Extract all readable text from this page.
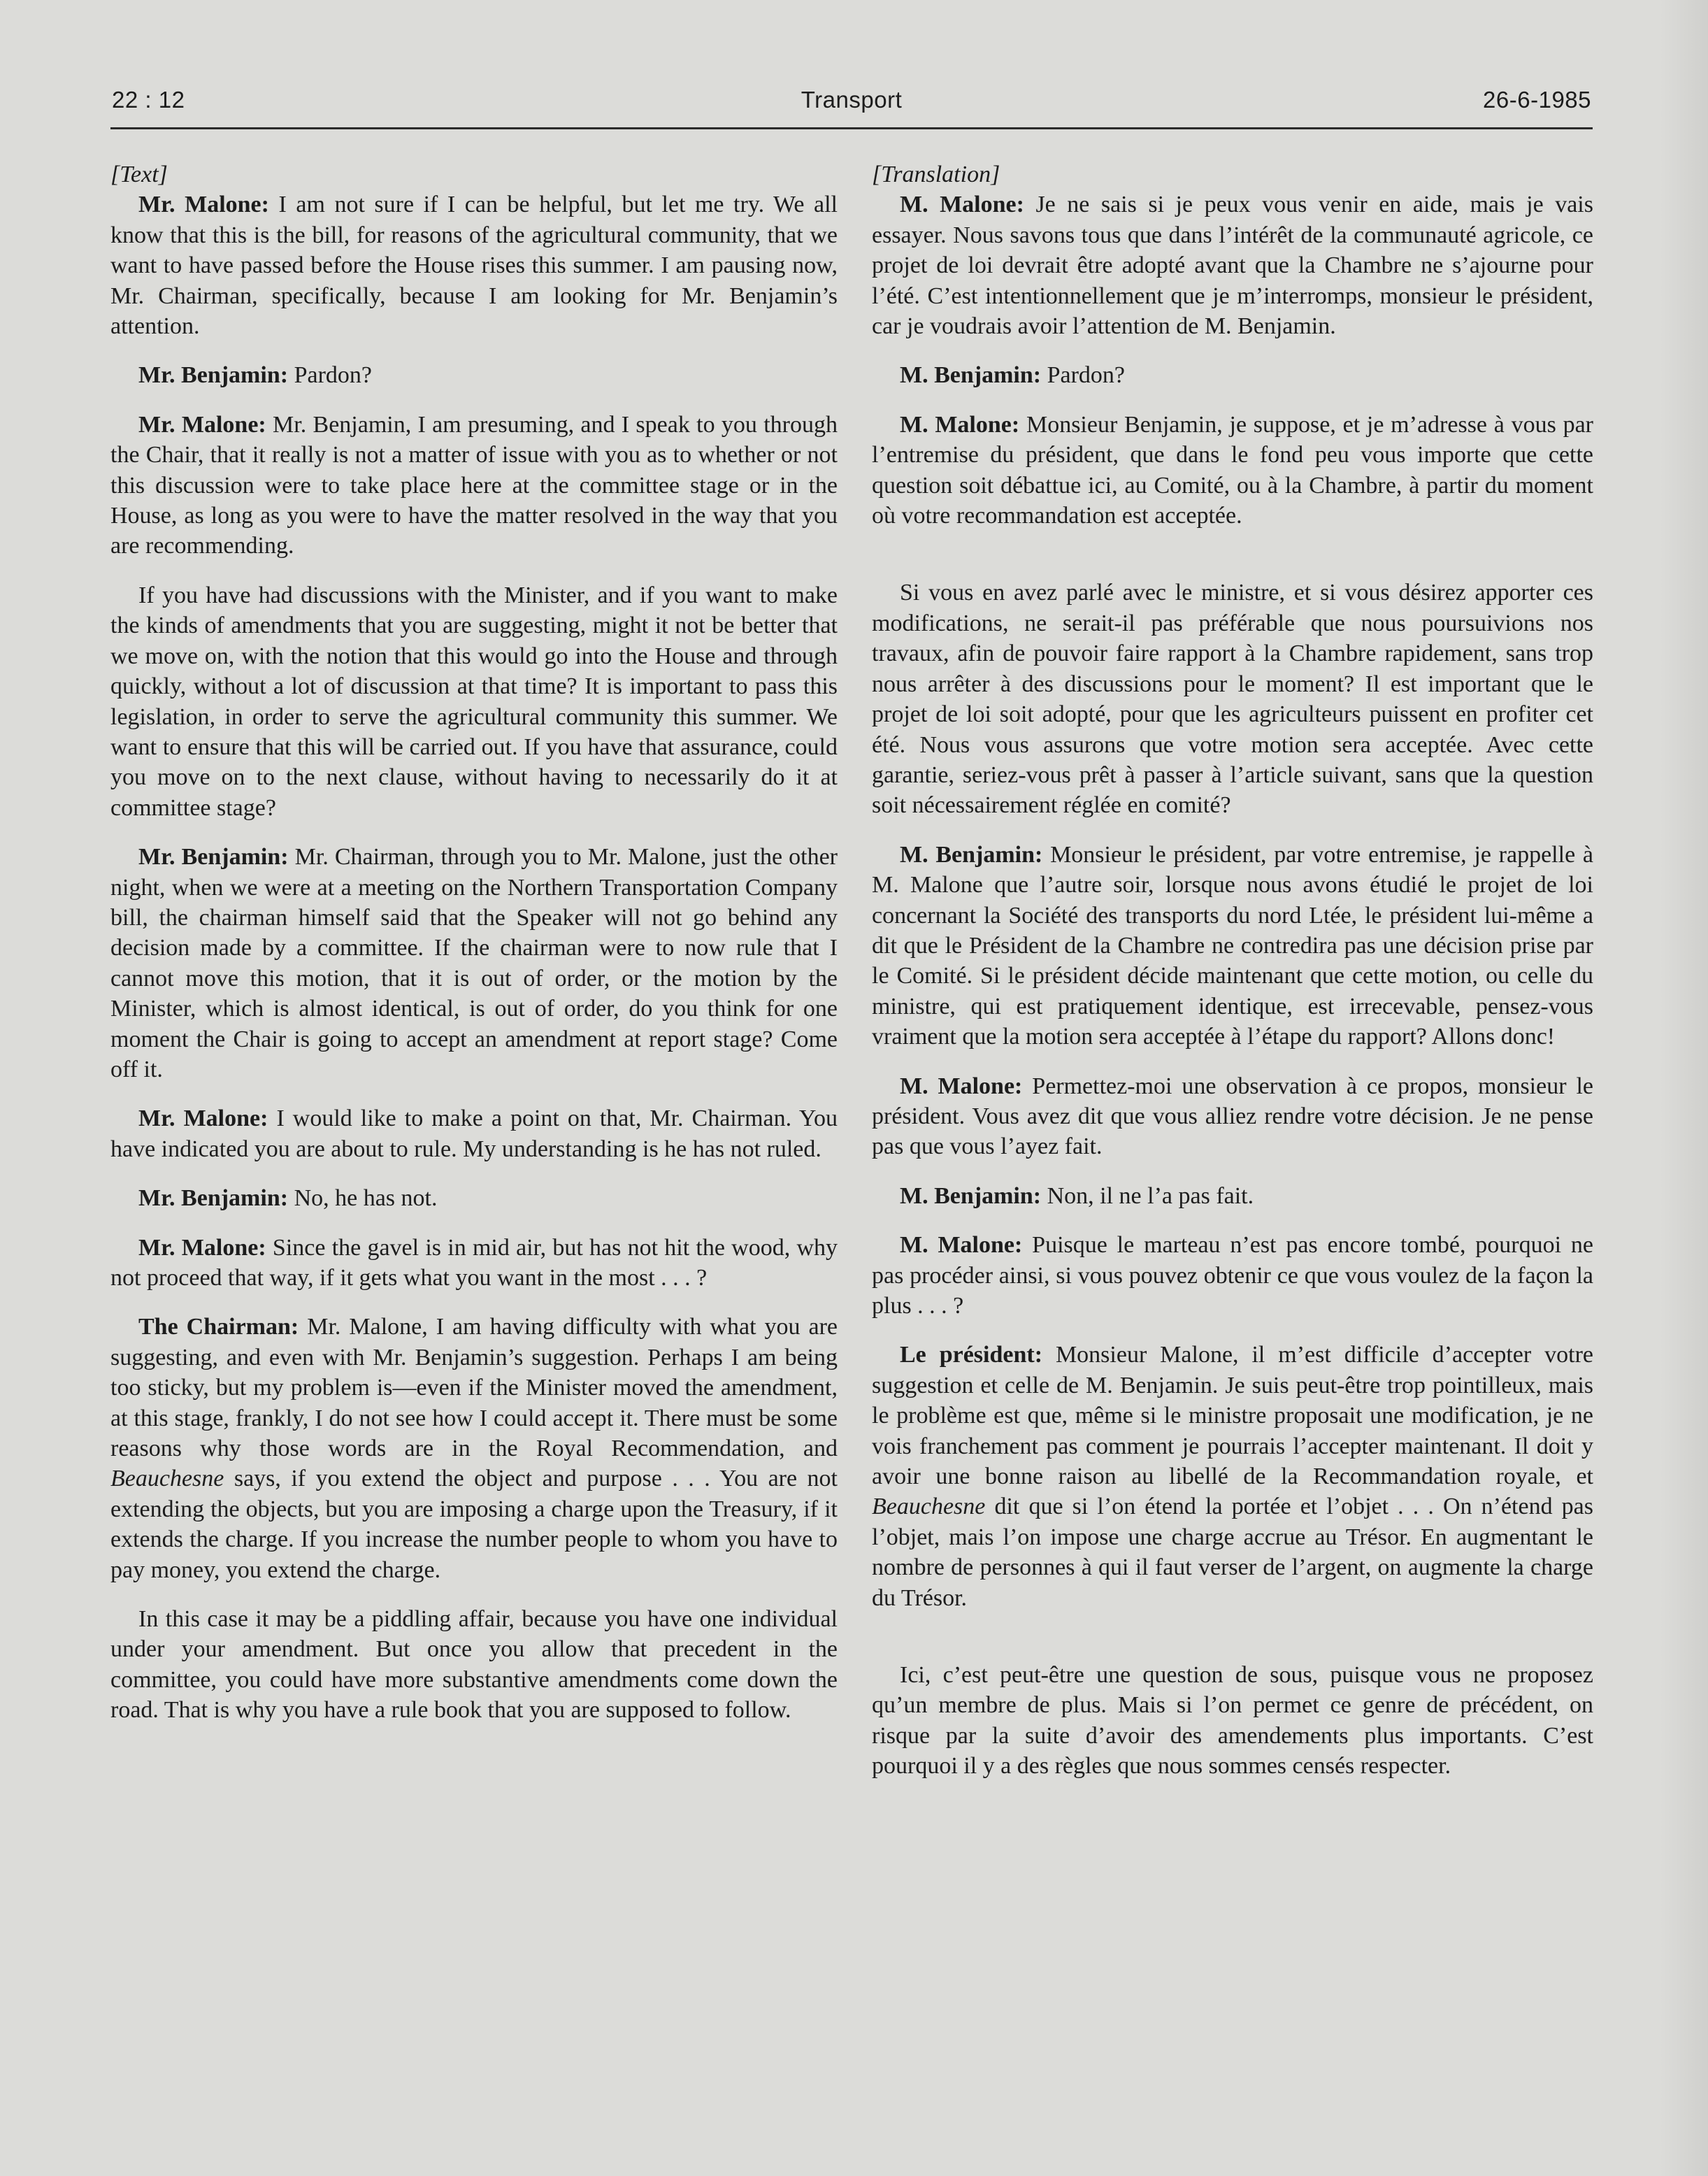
22 : 12	Transport	26-6-1985

[Text]

Mr. Malone: I am not sure if I can be helpful, but let me try. We all know that this is the bill, for reasons of the agricultural community, that we want to have passed before the House rises this summer. I am pausing now, Mr. Chairman, specifically, because I am looking for Mr. Benjamin’s attention.

Mr. Benjamin: Pardon?

Mr. Malone: Mr. Benjamin, I am presuming, and I speak to you through the Chair, that it really is not a matter of issue with you as to whether or not this discussion were to take place here at the committee stage or in the House, as long as you were to have the matter resolved in the way that you are recommending.

If you have had discussions with the Minister, and if you want to make the kinds of amendments that you are suggesting, might it not be better that we move on, with the notion that this would go into the House and through quickly, without a lot of discussion at that time? It is important to pass this legislation, in order to serve the agricultural community this summer. We want to ensure that this will be carried out. If you have that assurance, could you move on to the next clause, without having to necessarily do it at committee stage?

Mr. Benjamin: Mr. Chairman, through you to Mr. Malone, just the other night, when we were at a meeting on the Northern Transportation Company bill, the chairman himself said that the Speaker will not go behind any decision made by a committee. If the chairman were to now rule that I cannot move this motion, that it is out of order, or the motion by the Minister, which is almost identical, is out of order, do you think for one moment the Chair is going to accept an amendment at report stage? Come off it.

Mr. Malone: I would like to make a point on that, Mr. Chairman. You have indicated you are about to rule. My understanding is he has not ruled.

Mr. Benjamin: No, he has not.

Mr. Malone: Since the gavel is in mid air, but has not hit the wood, why not proceed that way, if it gets what you want in the most . . . ?

The Chairman: Mr. Malone, I am having difficulty with what you are suggesting, and even with Mr. Benjamin’s suggestion. Perhaps I am being too sticky, but my problem is—even if the Minister moved the amendment, at this stage, frankly, I do not see how I could accept it. There must be some reasons why those words are in the Royal Recommendation, and Beauchesne says, if you extend the object and purpose . . . You are not extending the objects, but you are imposing a charge upon the Treasury, if it extends the charge. If you increase the number people to whom you have to pay money, you extend the charge.

In this case it may be a piddling affair, because you have one individual under your amendment. But once you allow that precedent in the committee, you could have more substantive amendments come down the road. That is why you have a rule book that you are supposed to follow.

[Translation]

M. Malone: Je ne sais si je peux vous venir en aide, mais je vais essayer. Nous savons tous que dans l’intérêt de la communauté agricole, ce projet de loi devrait être adopté avant que la Chambre ne s’ajourne pour l’été. C’est intentionnellement que je m’interromps, monsieur le président, car je voudrais avoir l’attention de M. Benjamin.

M. Benjamin: Pardon?

M. Malone: Monsieur Benjamin, je suppose, et je m’adresse à vous par l’entremise du président, que dans le fond peu vous importe que cette question soit débattue ici, au Comité, ou à la Chambre, à partir du moment où votre recommandation est acceptée.

Si vous en avez parlé avec le ministre, et si vous désirez apporter ces modifications, ne serait-il pas préférable que nous poursuivions nos travaux, afin de pouvoir faire rapport à la Chambre rapidement, sans trop nous arrêter à des discussions pour le moment? Il est important que le projet de loi soit adopté, pour que les agriculteurs puissent en profiter cet été. Nous vous assurons que votre motion sera acceptée. Avec cette garantie, seriez-vous prêt à passer à l’article suivant, sans que la question soit nécessairement réglée en comité?

M. Benjamin: Monsieur le président, par votre entremise, je rappelle à M. Malone que l’autre soir, lorsque nous avons étudié le projet de loi concernant la Société des transports du nord Ltée, le président lui-même a dit que le Président de la Chambre ne contredira pas une décision prise par le Comité. Si le président décide maintenant que cette motion, ou celle du ministre, qui est pratiquement identique, est irrecevable, pensez-vous vraiment que la motion sera acceptée à l’étape du rapport? Allons donc!

M. Malone: Permettez-moi une observation à ce propos, monsieur le président. Vous avez dit que vous alliez rendre votre décision. Je ne pense pas que vous l’ayez fait.

M. Benjamin: Non, il ne l’a pas fait.

M. Malone: Puisque le marteau n’est pas encore tombé, pourquoi ne pas procéder ainsi, si vous pouvez obtenir ce que vous voulez de la façon la plus . . . ?

Le président: Monsieur Malone, il m’est difficile d’accepter votre suggestion et celle de M. Benjamin. Je suis peut-être trop pointilleux, mais le problème est que, même si le ministre proposait une modification, je ne vois franchement pas comment je pourrais l’accepter maintenant. Il doit y avoir une bonne raison au libellé de la Recommandation royale, et Beauchesne dit que si l’on étend la portée et l’objet . . . On n’étend pas l’objet, mais l’on impose une charge accrue au Trésor. En augmentant le nombre de personnes à qui il faut verser de l’argent, on augmente la charge du Trésor.

Ici, c’est peut-être une question de sous, puisque vous ne proposez qu’un membre de plus. Mais si l’on permet ce genre de précédent, on risque par la suite d’avoir des amendements plus importants. C’est pourquoi il y a des règles que nous sommes censés respecter.
